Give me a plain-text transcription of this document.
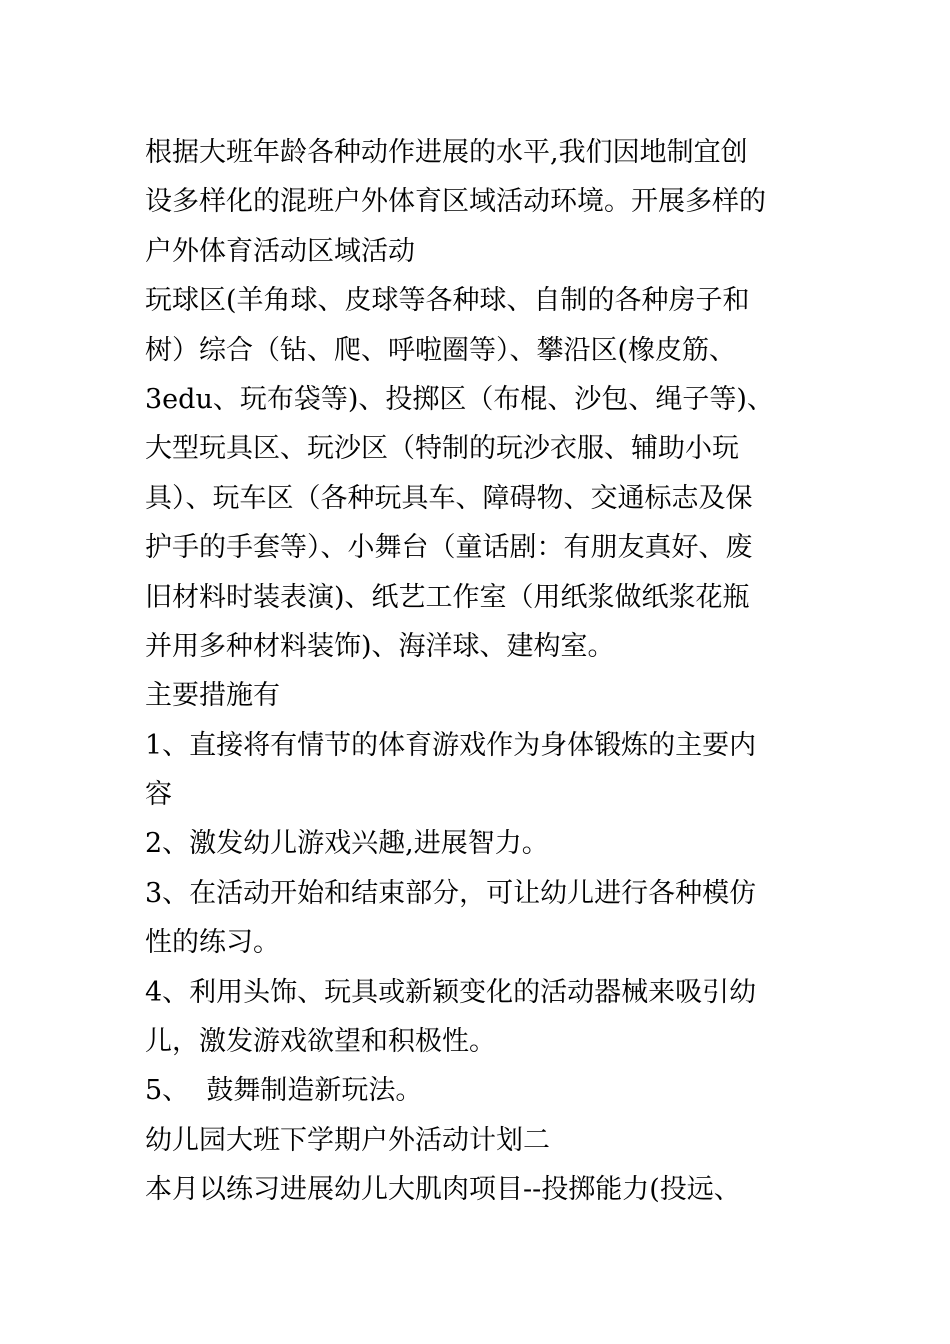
根据大班年龄各种动作进展的水平,我们因地制宜创
设多样化的混班户外体育区域活动环境。开展多样的
户外体育活动区域活动
玩球区(羊角球、皮球等各种球、自制的各种房子和
树）综合（钻、爬、呼啦圈等）、攀沿区(橡皮筋、
3edu、玩布袋等)、投掷区（布棍、沙包、绳子等)、
大型玩具区、玩沙区（特制的玩沙衣服、辅助小玩
具）、玩车区（各种玩具车、障碍物、交通标志及保
护手的手套等）、小舞台（童话剧：有朋友真好、废
旧材料时装表演)、纸艺工作室（用纸浆做纸浆花瓶
并用多种材料装饰)、海洋球、建构室。
主要措施有
1、直接将有情节的体育游戏作为身体锻炼的主要内
容
2、激发幼儿游戏兴趣,进展智力。
3、在活动开始和结束部分，可让幼儿进行各种模仿
性的练习。
4、利用头饰、玩具或新颖变化的活动器械来吸引幼
儿，激发游戏欲望和积极性。
5、  鼓舞制造新玩法。
幼儿园大班下学期户外活动计划二
本月以练习进展幼儿大肌肉项目--投掷能力(投远、
